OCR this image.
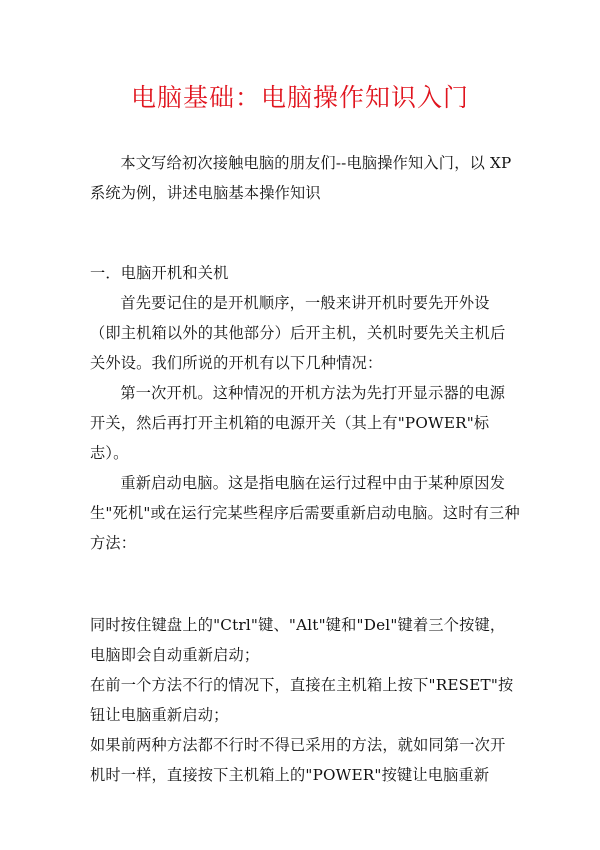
电脑基础：电脑操作知识入门

本文写给初次接触电脑的朋友们--电脑操作知入门，以 XP 系统为例，讲述电脑基本操作知识

一．电脑开机和关机

首先要记住的是开机顺序，一般来讲开机时要先开外设（即主机箱以外的其他部分）后开主机，关机时要先关主机后关外设。我们所说的开机有以下几种情况：

第一次开机。这种情况的开机方法为先打开显示器的电源开关，然后再打开主机箱的电源开关（其上有"POWER"标志）。

重新启动电脑。这是指电脑在运行过程中由于某种原因发生"死机"或在运行完某些程序后需要重新启动电脑。这时有三种方法：

同时按住键盘上的"Ctrl"键、"Alt"键和"Del"键着三个按键，电脑即会自动重新启动；

在前一个方法不行的情况下，直接在主机箱上按下"RESET"按钮让电脑重新启动；

如果前两种方法都不行时不得已采用的方法，就如同第一次开机时一样，直接按下主机箱上的"POWER"按键让电脑重新
